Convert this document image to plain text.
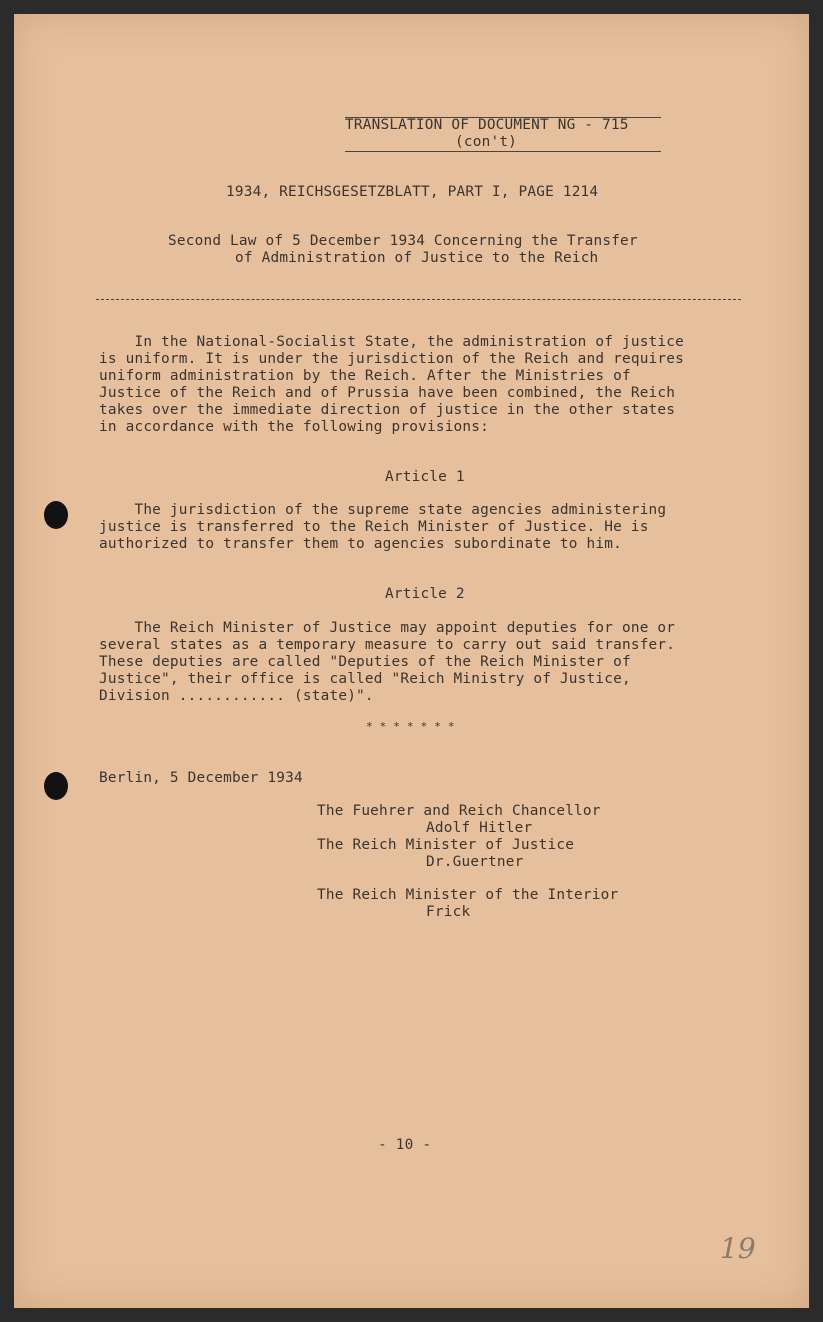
TRANSLATION OF DOCUMENT NG - 715
(con't)
1934, REICHSGESETZBLATT, PART I, PAGE 1214
Second Law of 5 December 1934 Concerning the Transfer
of Administration of Justice to the Reich
In the National-Socialist State, the administration of justice
is uniform. It is under the jurisdiction of the Reich and requires
uniform administration by the Reich. After the Ministries of
Justice of the Reich and of Prussia have been combined, the Reich
takes over the immediate direction of justice in the other states
in accordance with the following provisions:
Article 1
The jurisdiction of the supreme state agencies administering
justice is transferred to the Reich Minister of Justice. He is
authorized to transfer them to agencies subordinate to him.
Article 2
The Reich Minister of Justice may appoint deputies for one or
several states as a temporary measure to carry out said transfer.
These deputies are called "Deputies of the Reich Minister of
Justice", their office is called "Reich Ministry of Justice,
Division ............ (state)".
* * * * * * *
Berlin, 5 December 1934
The Fuehrer and Reich Chancellor
Adolf Hitler
The Reich Minister of Justice
Dr.Guertner
The Reich Minister of the Interior
Frick
- 10 -
19
